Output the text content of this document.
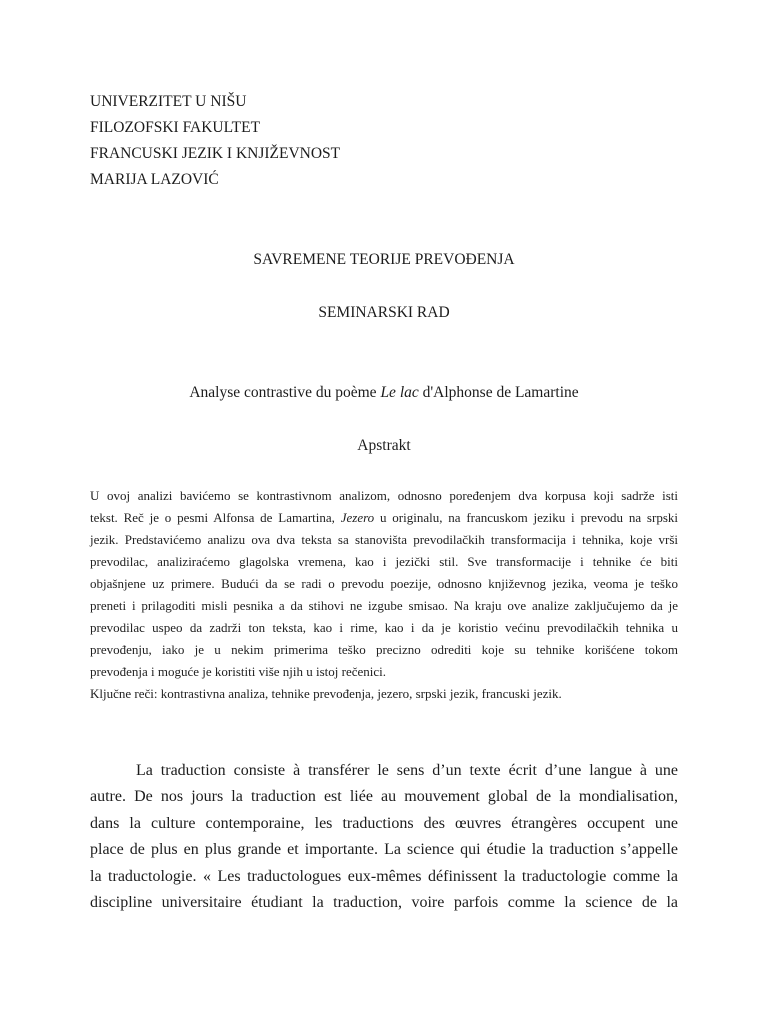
UNIVERZITET U NIŠU
FILOZOFSKI FAKULTET
FRANCUSKI JEZIK I KNJIŽEVNOST
MARIJA LAZOVIĆ
SAVREMENE TEORIJE PREVOĐENJA
SEMINARSKI RAD
Analyse contrastive du poème Le lac d'Alphonse de Lamartine
Apstrakt
U ovoj analizi bavićemo se kontrastivnom analizom, odnosno poređenjem dva korpusa koji sadrže isti
tekst. Reč je o pesmi Alfonsa de Lamartina, Jezero u originalu, na francuskom jeziku i prevodu na srpski
jezik. Predstavićemo analizu ova dva teksta sa stanovišta prevodilačkih transformacija i tehnika, koje vrši
prevodilac, analiziraćemo glagolska vremena, kao i jezički stil. Sve transformacije i tehnike će biti
objašnjene uz primere. Budući da se radi o prevodu poezije, odnosno književnog jezika, veoma je teško
preneti i prilagoditi misli pesnika a da stihovi ne izgube smisao. Na kraju ove analize zaključujemo da je
prevodilac uspeo da zadrži ton teksta, kao i rime, kao i da je koristio većinu prevodilačkih tehnika u
prevođenju, iako je u nekim primerima teško precizno odrediti koje su tehnike korišćene tokom
prevođenja i moguće je koristiti više njih u istoj rečenici.
Ključne reči: kontrastivna analiza, tehnike prevođenja, jezero, srpski jezik, francuski jezik.
La traduction consiste à transférer le sens d’un texte écrit d’une langue à une
autre. De nos jours la traduction est liée au mouvement global de la mondialisation,
dans la culture contemporaine, les traductions des œuvres étrangères occupent une
place de plus en plus grande et importante. La science qui étudie la traduction s’appelle
la traductologie. « Les traductologues eux-mêmes définissent la traductologie comme la
discipline universitaire étudiant la traduction, voire parfois comme la science de la
